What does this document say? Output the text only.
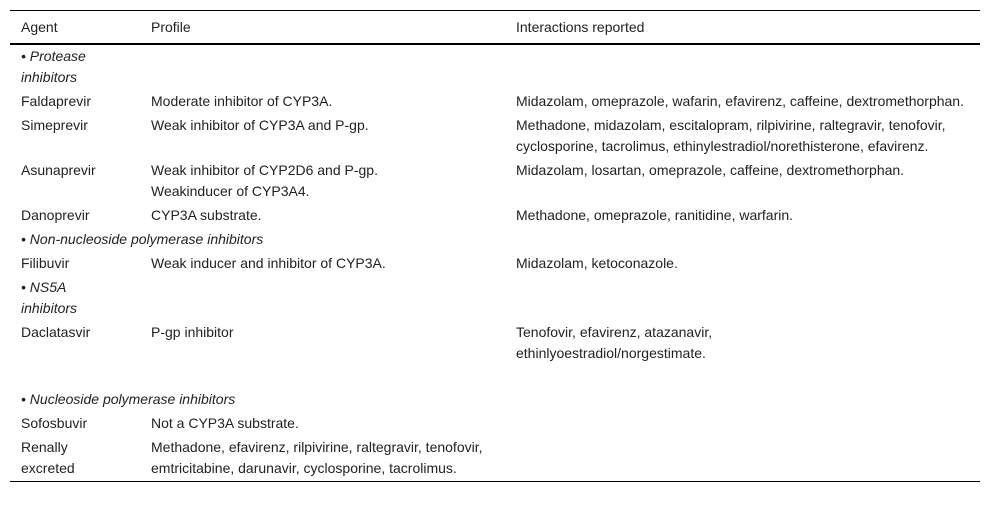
Agent	Profile	Interactions reported

• Protease inhibitors		

Faldaprevir	Moderate inhibitor of CYP3A.	Midazolam, omeprazole, wafarin, efavirenz, caffeine, dextromethorphan.
Simeprevir	Weak inhibitor of CYP3A and P-gp.	Methadone, midazolam, escitalopram, rilpivirine, raltegravir, tenofovir, cyclosporine, tacrolimus, ethinylestradiol/norethisterone, efavirenz.
Asunaprevir	Weak inhibitor of CYP2D6 and P-gp. Weakinducer of CYP3A4.	Midazolam, losartan, omeprazole, caffeine, dextromethorphan.
Danoprevir	CYP3A substrate.	Methadone, omeprazole, ranitidine, warfarin.
• Non-nucleoside polymerase inhibitors		
Filibuvir	Weak inducer and inhibitor of CYP3A.	Midazolam, ketoconazole.

• NS5A inhibitors		

Daclatasvir	P-gp inhibitor	Tenofovir, efavirenz, atazanavir, ethinlyoestradiol/norgestimate.

• Nucleoside polymerase inhibitors		
Sofosbuvir	Not a CYP3A substrate.	

Renally excreted	Methadone, efavirenz, rilpivirine, raltegravir, tenofovir, emtricitabine, darunavir, cyclosporine, tacrolimus.	
